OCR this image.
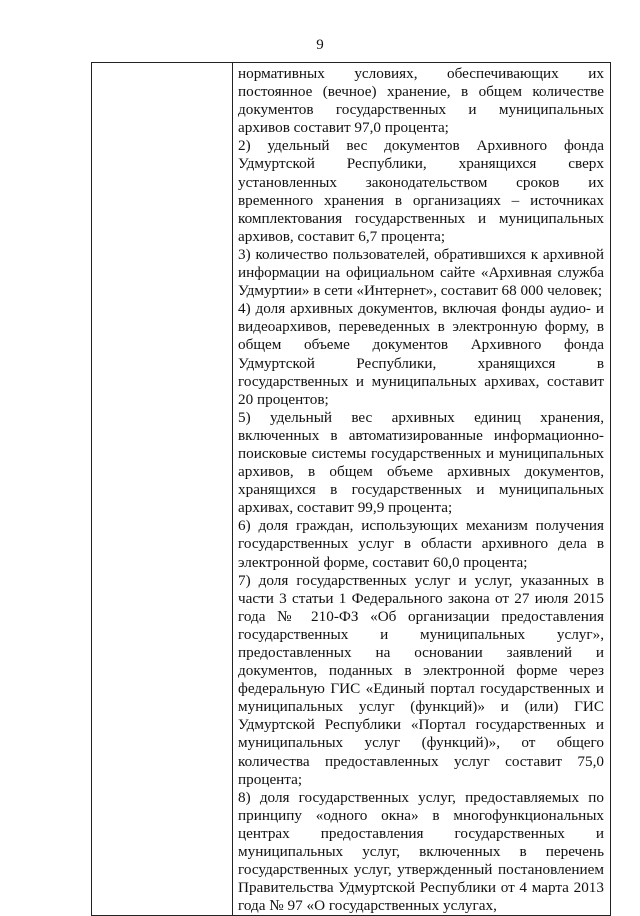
9

нормативных условиях, обеспечивающих их постоянное (вечное) хранение, в общем количестве документов государственных и муниципальных архивов составит 97,0 процента;

2) удельный вес документов Архивного фонда Удмуртской Республики, хранящихся сверх установленных законодательством сроков их временного хранения в организациях – источниках комплектования государственных и муниципальных архивов, составит 6,7 процента;

3) количество пользователей, обратившихся к архивной информации на официальном сайте «Архивная служба Удмуртии» в сети «Интернет», составит 68 000 человек;

4) доля архивных документов, включая фонды аудио- и видеоархивов, переведенных в электронную форму, в общем объеме документов Архивного фонда Удмуртской Республики, хранящихся в государственных и муниципальных архивах, составит 20 процентов;

5) удельный вес архивных единиц хранения, включенных в автоматизированные информационно-поисковые системы государственных и муниципальных архивов, в общем объеме архивных документов, хранящихся в государственных и муниципальных архивах, составит 99,9 процента;

6) доля граждан, использующих механизм получения государственных услуг в области архивного дела в электронной форме, составит 60,0 процента;

7) доля государственных услуг и услуг, указанных в части 3 статьи 1 Федерального закона от 27 июля 2015 года № 210-ФЗ «Об организации предоставления государственных и муниципальных услуг», предоставленных на основании заявлений и документов, поданных в электронной форме через федеральную ГИС «Единый портал государственных и муниципальных услуг (функций)» и (или) ГИС Удмуртской Республики «Портал государственных и муниципальных услуг (функций)», от общего количества предоставленных услуг составит 75,0 процента;

8) доля государственных услуг, предоставляемых по принципу «одного окна» в многофункциональных центрах предоставления государственных и муниципальных услуг, включенных в перечень государственных услуг, утвержденный постановлением Правительства Удмуртской Республики от 4 марта 2013 года № 97 «О государственных услугах,
